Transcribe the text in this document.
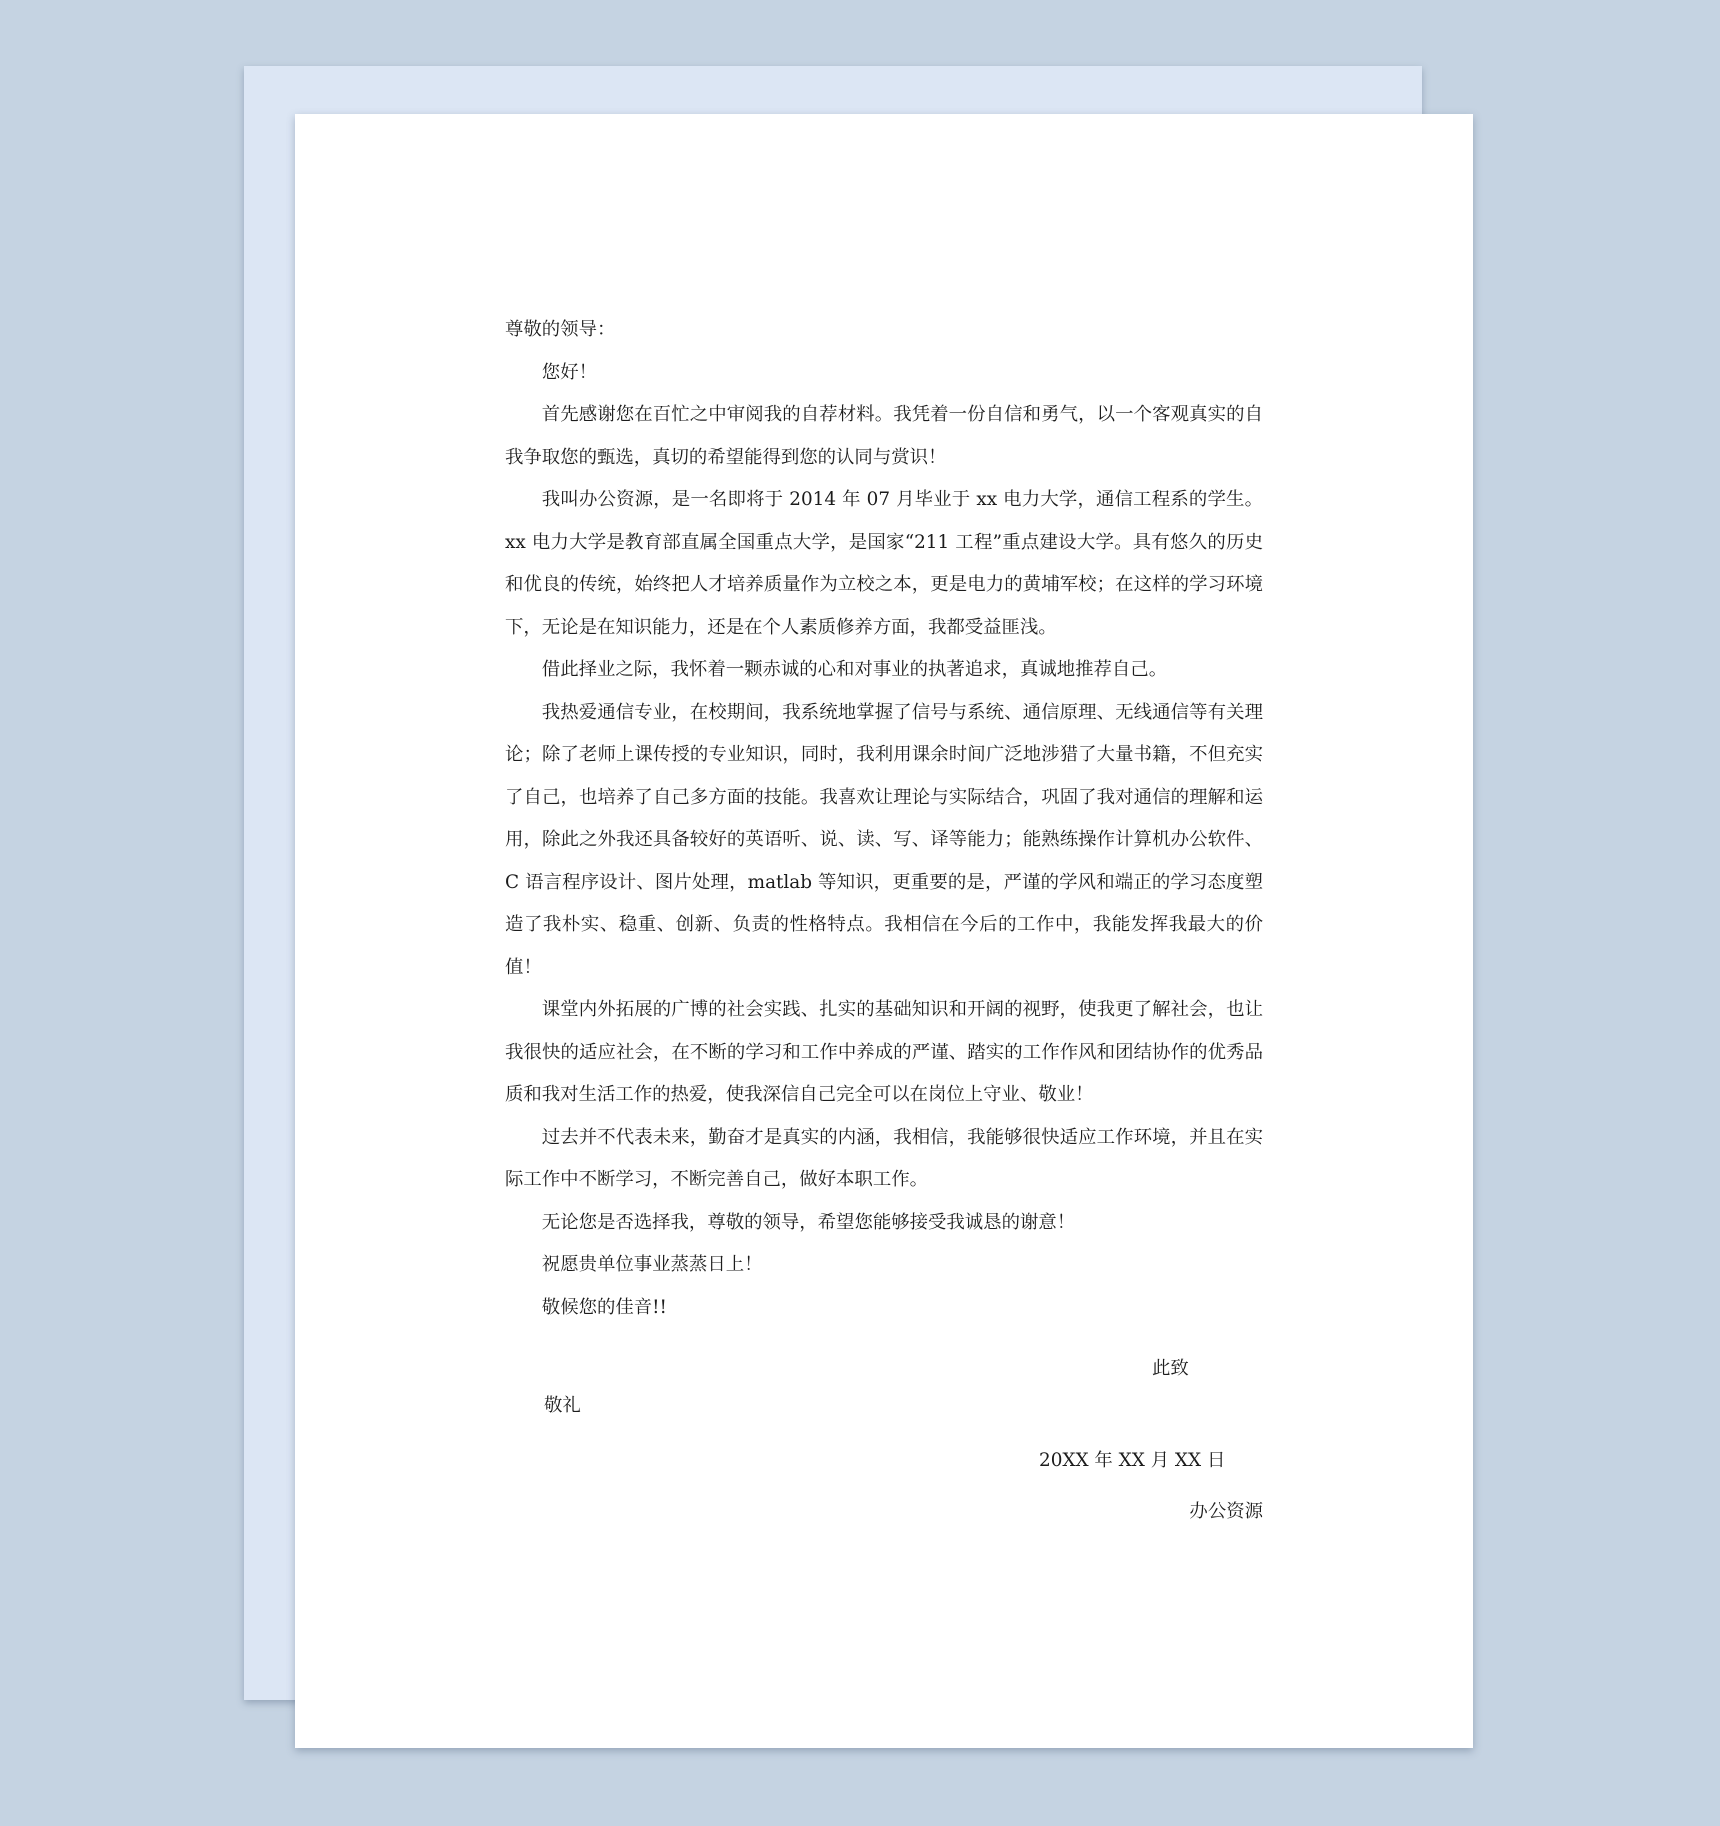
尊敬的领导：

您好！

首先感谢您在百忙之中审阅我的自荐材料。我凭着一份自信和勇气，以一个客观真实的自我争取您的甄选，真切的希望能得到您的认同与赏识！

我叫办公资源，是一名即将于 2014 年 07 月毕业于 xx 电力大学，通信工程系的学生。xx 电力大学是教育部直属全国重点大学，是国家“211 工程”重点建设大学。具有悠久的历史和优良的传统，始终把人才培养质量作为立校之本，更是电力的黄埔军校；在这样的学习环境下，无论是在知识能力，还是在个人素质修养方面，我都受益匪浅。

借此择业之际，我怀着一颗赤诚的心和对事业的执著追求，真诚地推荐自己。

我热爱通信专业，在校期间，我系统地掌握了信号与系统、通信原理、无线通信等有关理论；除了老师上课传授的专业知识，同时，我利用课余时间广泛地涉猎了大量书籍，不但充实了自己，也培养了自己多方面的技能。我喜欢让理论与实际结合，巩固了我对通信的理解和运用，除此之外我还具备较好的英语听、说、读、写、译等能力；能熟练操作计算机办公软件、C 语言程序设计、图片处理，matlab 等知识，更重要的是，严谨的学风和端正的学习态度塑造了我朴实、稳重、创新、负责的性格特点。我相信在今后的工作中，我能发挥我最大的价值！

课堂内外拓展的广博的社会实践、扎实的基础知识和开阔的视野，使我更了解社会，也让我很快的适应社会，在不断的学习和工作中养成的严谨、踏实的工作作风和团结协作的优秀品质和我对生活工作的热爱，使我深信自己完全可以在岗位上守业、敬业！

过去并不代表未来，勤奋才是真实的内涵，我相信，我能够很快适应工作环境，并且在实际工作中不断学习，不断完善自己，做好本职工作。

无论您是否选择我，尊敬的领导，希望您能够接受我诚恳的谢意！

祝愿贵单位事业蒸蒸日上！

敬候您的佳音!!

此致
敬礼
20XX 年 XX 月 XX 日
办公资源
